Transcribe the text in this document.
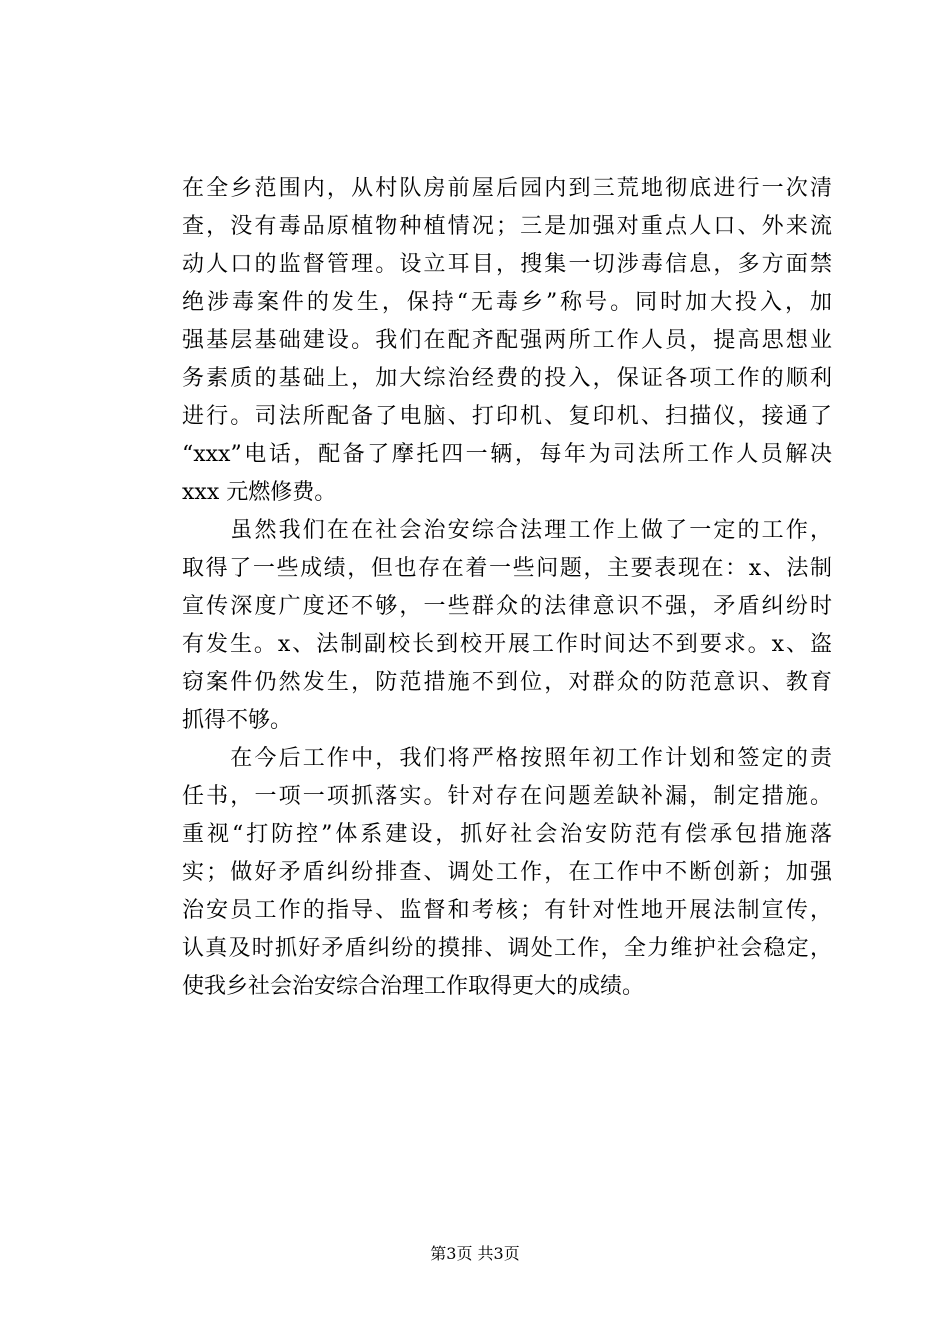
在全乡范围内，从村队房前屋后园内到三荒地彻底进行一次清
查，没有毒品原植物种植情况；三是加强对重点人口、外来流
动人口的监督管理。设立耳目，搜集一切涉毒信息，多方面禁
绝涉毒案件的发生，保持“无毒乡”称号。同时加大投入，加
强基层基础建设。我们在配齐配强两所工作人员，提高思想业
务素质的基础上，加大综治经费的投入，保证各项工作的顺利
进行。司法所配备了电脑、打印机、复印机、扫描仪，接通了
“xxx”电话，配备了摩托四一辆，每年为司法所工作人员解决
xxx 元燃修费。
　　虽然我们在在社会治安综合法理工作上做了一定的工作，
取得了一些成绩，但也存在着一些问题，主要表现在：x、法制
宣传深度广度还不够，一些群众的法律意识不强，矛盾纠纷时
有发生。x、法制副校长到校开展工作时间达不到要求。x、盗
窃案件仍然发生，防范措施不到位，对群众的防范意识、教育
抓得不够。
　　在今后工作中，我们将严格按照年初工作计划和签定的责
任书，一项一项抓落实。针对存在问题差缺补漏，制定措施。
重视“打防控”体系建设，抓好社会治安防范有偿承包措施落
实；做好矛盾纠纷排查、调处工作，在工作中不断创新；加强
治安员工作的指导、监督和考核；有针对性地开展法制宣传，
认真及时抓好矛盾纠纷的摸排、调处工作，全力维护社会稳定，
使我乡社会治安综合治理工作取得更大的成绩。
第3页 共3页
